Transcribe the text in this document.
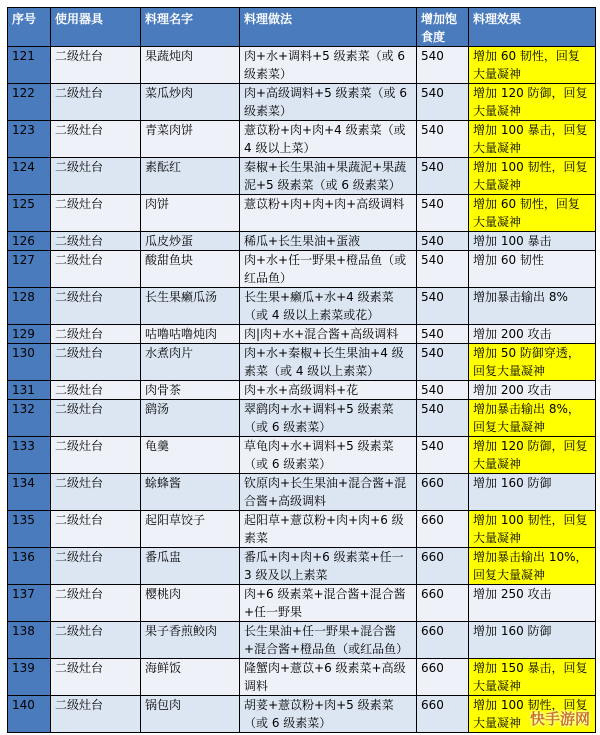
序号	使用器具	料理名字	料理做法	增加饱食度	料理效果
121	二级灶台	果蔬炖肉	肉+水+调料+5 级素菜（或 6 级素菜）	540	增加 60 韧性，回复大量凝神
122	二级灶台	菜瓜炒肉	肉+高级调料+5 级素菜（或 6 级素菜）	540	增加 120 防御，回复大量凝神
123	二级灶台	青菜肉饼	薏苡粉+肉+肉+4 级素菜（或 4 级以上菜）	540	增加 100 暴击，回复大量凝神
124	二级灶台	素酝红	秦椒+长生果油+果蔬泥+果蔬泥+5 级素菜（或 6 级素菜）	540	增加 100 韧性，回复大量凝神
125	二级灶台	肉饼	薏苡粉+肉+肉+肉+高级调料	540	增加 60 韧性，回复大量凝神
126	二级灶台	瓜皮炒蛋	稀瓜+长生果油+蛋液	540	增加 100 暴击
127	二级灶台	酸甜鱼块	肉+水+任一野果+橙品鱼（或红品鱼）	540	增加 60 韧性
128	二级灶台	长生果癞瓜汤	长生果+癞瓜+水+4 级素菜（或 4 级以上素菜或花）	540	增加暴击输出 8%
129	二级灶台	咕噜咕噜炖肉	肉|肉+水+混合酱+高级调料	540	增加 200 攻击
130	二级灶台	水煮肉片	肉+水+秦椒+长生果油+4 级素菜（或 4 级以上素菜）	540	增加 50 防御穿透，回复大量凝神
131	二级灶台	肉骨茶	肉+水+高级调料+花	540	增加 200 攻击
132	二级灶台	鹞汤	翠鹞肉+水+调料+5 级素菜（或 6 级素菜）	540	增加暴击输出 8%，回复大量凝神
133	二级灶台	龟羹	草龟肉+水+调料+5 级素菜（或 6 级素菜）	540	增加 120 防御，回复大量凝神
134	二级灶台	蜍蜂酱	钦原肉+长生果油+混合酱+混合酱+高级调料	660	增加 160 防御
135	二级灶台	起阳草饺子	起阳草+薏苡粉+肉+肉+6 级素菜	660	增加 100 韧性，回复大量凝神
136	二级灶台	番瓜盅	番瓜+肉+肉+6 级素菜+任一 3 级及以上素菜	660	增加暴击输出 10%，回复大量凝神
137	二级灶台	樱桃肉	肉+6 级素菜+混合酱+混合酱+任一野果	660	增加 250 攻击
138	二级灶台	果子香煎鲛肉	长生果油+任一野果+混合酱+混合酱+橙品鱼（或红品鱼）	660	增加 160 防御
139	二级灶台	海鲜饭	隆蟹肉+薏苡+6 级素菜+高级调料	660	增加 150 暴击，回复大量凝神
140	二级灶台	锅包肉	胡荽+薏苡粉+肉+5 级素菜（或 6 级素菜）	660	增加 100 韧性，回复大量凝神 快手游网
